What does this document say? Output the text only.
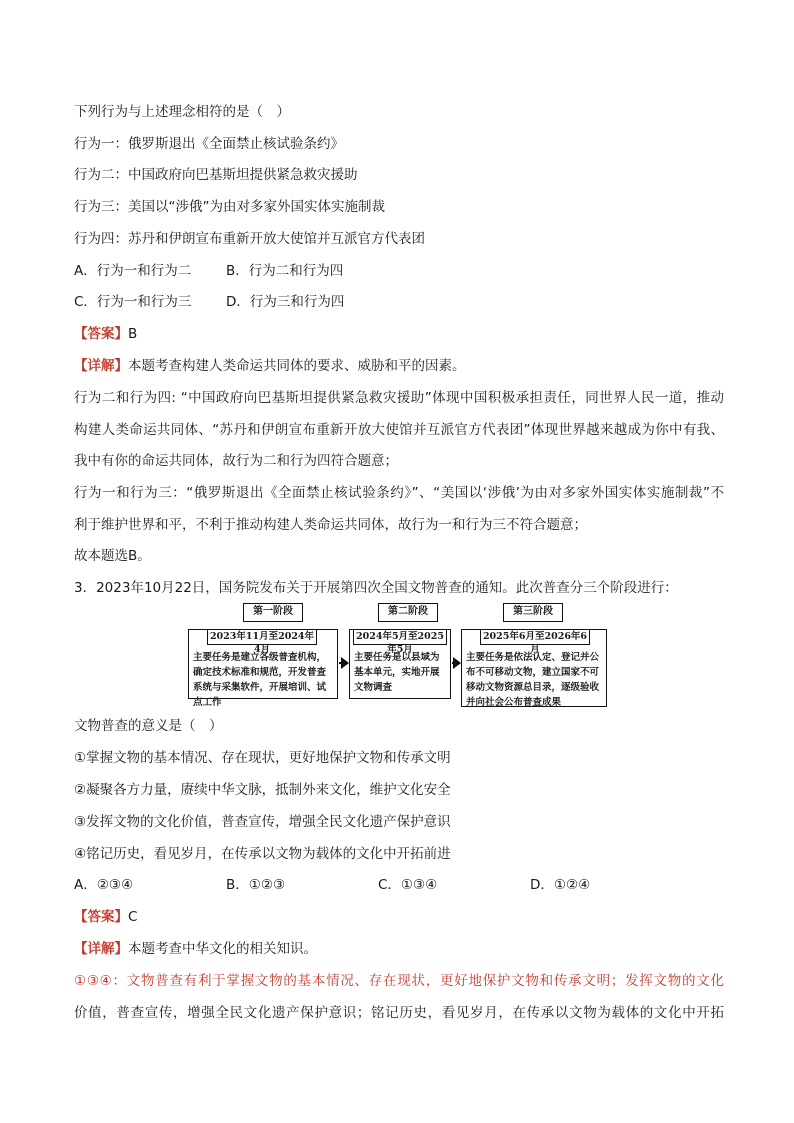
下列行为与上述理念相符的是（　）
行为一：俄罗斯退出《全面禁止核试验条约》
行为二：中国政府向巴基斯坦提供紧急救灾援助
行为三：美国以“涉俄”为由对多家外国实体实施制裁
行为四：苏丹和伊朗宣布重新开放大使馆并互派官方代表团
A．行为一和行为二	B．行为二和行为四
C．行为一和行为三	D．行为三和行为四
【答案】B
【详解】本题考查构建人类命运共同体的要求、威胁和平的因素。
行为二和行为四: “中国政府向巴基斯坦提供紧急救灾援助”体现中国积极承担责任，同世界人民一道，推动
构建人类命运共同体、“苏丹和伊朗宣布重新开放大使馆并互派官方代表团”体现世界越来越成为你中有我、
我中有你的命运共同体，故行为二和行为四符合题意；
行为一和行为三：“俄罗斯退出《全面禁止核试验条约》”、“美国以‘涉俄’为由对多家外国实体实施制裁”不
利于维护世界和平，不利于推动构建人类命运共同体，故行为一和行为三不符合题意；
故本题选B。
3．2023年10月22日，国务院发布关于开展第四次全国文物普查的通知。此次普查分三个阶段进行：
第一阶段
2023年11月至2024年4月
主要任务是建立各级普查机构，确定技术标准和规范，开发普查系统与采集软件，开展培训、试点工作
第二阶段
2024年5月至2025年5月
主要任务是以县域为基本单元，实地开展文物调查
第三阶段
2025年6月至2026年6月
主要任务是依法认定、登记并公布不可移动文物，建立国家不可移动文物资源总目录，逐级验收并向社会公布普查成果
文物普查的意义是（　）
①掌握文物的基本情况、存在现状，更好地保护文物和传承文明
②凝聚各方力量，赓续中华文脉，抵制外来文化，维护文化安全
③发挥文物的文化价值，普查宣传，增强全民文化遗产保护意识
④铭记历史，看见岁月，在传承以文物为载体的文化中开拓前进
A．②③④	B．①②③	C．①③④	D．①②④
【答案】C
【详解】本题考查中华文化的相关知识。
①③④：文物普查有利于掌握文物的基本情况、存在现状，更好地保护文物和传承文明；发挥文物的文化
价值，普查宣传，增强全民文化遗产保护意识；铭记历史，看见岁月，在传承以文物为载体的文化中开拓
